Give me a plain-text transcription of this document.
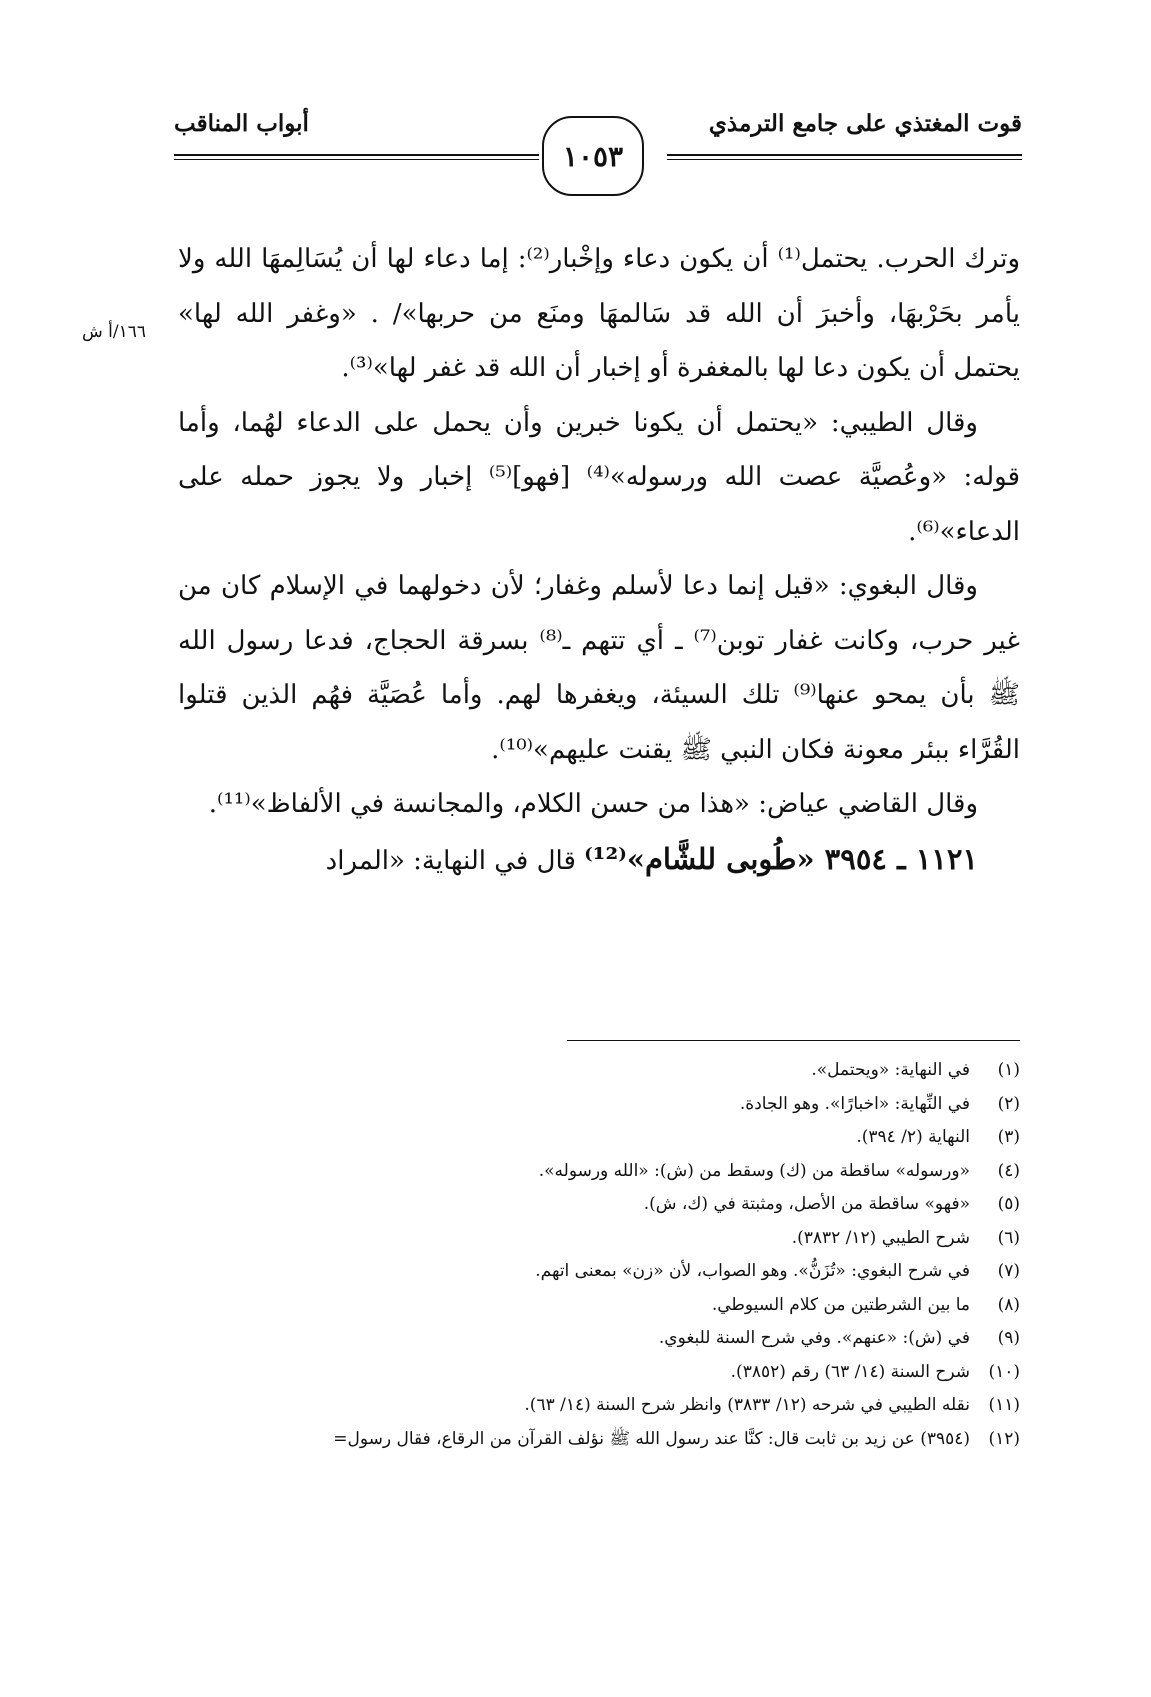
قوت المغتذي على جامع الترمذي
أبواب المناقب
١٠٥٣
١٦٦/أ ش

وترك الحرب. يحتمل⁽¹⁾ أن يكون دعاء وإخْبار⁽²⁾: إما دعاء لها أن يُسَالِمهَا الله ولا يأمر بحَرْبهَا، وأخبرَ أن الله قد سَالمهَا ومنَع من حربها»/ . «وغفر الله لها» يحتمل أن يكون دعا لها بالمغفرة أو إخبار أن الله قد غفر لها»⁽³⁾.

وقال الطيبي: «يحتمل أن يكونا خبرين وأن يحمل على الدعاء لهُما، وأما قوله: «وعُصيَّة عصت الله ورسوله»⁽⁴⁾ [فهو]⁽⁵⁾ إخبار ولا يجوز حمله على الدعاء»⁽⁶⁾.

وقال البغوي: «قيل إنما دعا لأسلم وغفار؛ لأن دخولهما في الإسلام كان من غير حرب، وكانت غفار توبن⁽⁷⁾ ـ أي تتهم ـ⁽⁸⁾ بسرقة الحجاج، فدعا رسول الله ﷺ بأن يمحو عنها⁽⁹⁾ تلك السيئة، ويغفرها لهم. وأما عُصَيَّة فهُم الذين قتلوا القُرَّاء ببئر معونة فكان النبي ﷺ يقنت عليهم»⁽¹⁰⁾.

وقال القاضي عياض: «هذا من حسن الكلام، والمجانسة في الألفاظ»⁽¹¹⁾.

١١٢١ ـ ٣٩٥٤ «طُوبى للشَّام»⁽¹²⁾ قال في النهاية: «المراد

(١)
في النهاية: «ويحتمل».
(٢)
في النِّهاية: «اخبارًا». وهو الجادة.
(٣)
النهاية (٢/ ٣٩٤).
(٤)
«ورسوله» ساقطة من (ك) وسقط من (ش): «الله ورسوله».
(٥)
«فهو» ساقطة من الأصل، ومثبتة في (ك، ش).
(٦)
شرح الطيبي (١٢/ ٣٨٣٢).
(٧)
في شرح البغوي: «تُزَنُّ». وهو الصواب، لأن «زن» بمعنى اتهم.
(٨)
ما بين الشرطتين من كلام السيوطي.
(٩)
في (ش): «عنهم». وفي شرح السنة للبغوي.
(١٠)
شرح السنة (١٤/ ٦٣) رقم (٣٨٥٢).
(١١)
نقله الطيبي في شرحه (١٢/ ٣٨٣٣) وانظر شرح السنة (١٤/ ٦٣).
(١٢)
(٣٩٥٤) عن زيد بن ثابت قال: كنَّا عند رسول الله ﷺ نؤلف القرآن من الرقاع، فقال رسول=
